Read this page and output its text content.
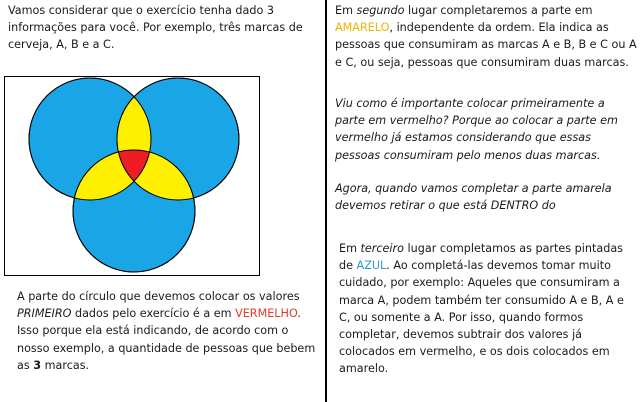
Vamos considerar que o exercício tenha dado 3 informações para você. Por exemplo, três marcas de cerveja, A, B e a C.

A parte do círculo que devemos colocar os valores PRIMEIRO dados pelo exercício é a em VERMELHO. Isso porque ela está indicando, de acordo com o nosso exemplo, a quantidade de pessoas que bebem as 3 marcas.

Em segundo lugar completaremos a parte em AMARELO, independente da ordem. Ela indica as pessoas que consumiram as marcas A e B, B e C ou A e C, ou seja, pessoas que consumiram duas marcas.

Viu como é importante colocar primeiramente a parte em vermelho? Porque ao colocar a parte em vermelho já estamos considerando que essas pessoas consumiram pelo menos duas marcas.

Agora, quando vamos completar a parte amarela devemos retirar o que está DENTRO do

Em terceiro lugar completamos as partes pintadas de AZUL. Ao completá-las devemos tomar muito cuidado, por exemplo: Aqueles que consumiram a marca A, podem também ter consumido A e B, A e C, ou somente a A. Por isso, quando formos completar, devemos subtrair dos valores já colocados em vermelho, e os dois colocados em amarelo.
